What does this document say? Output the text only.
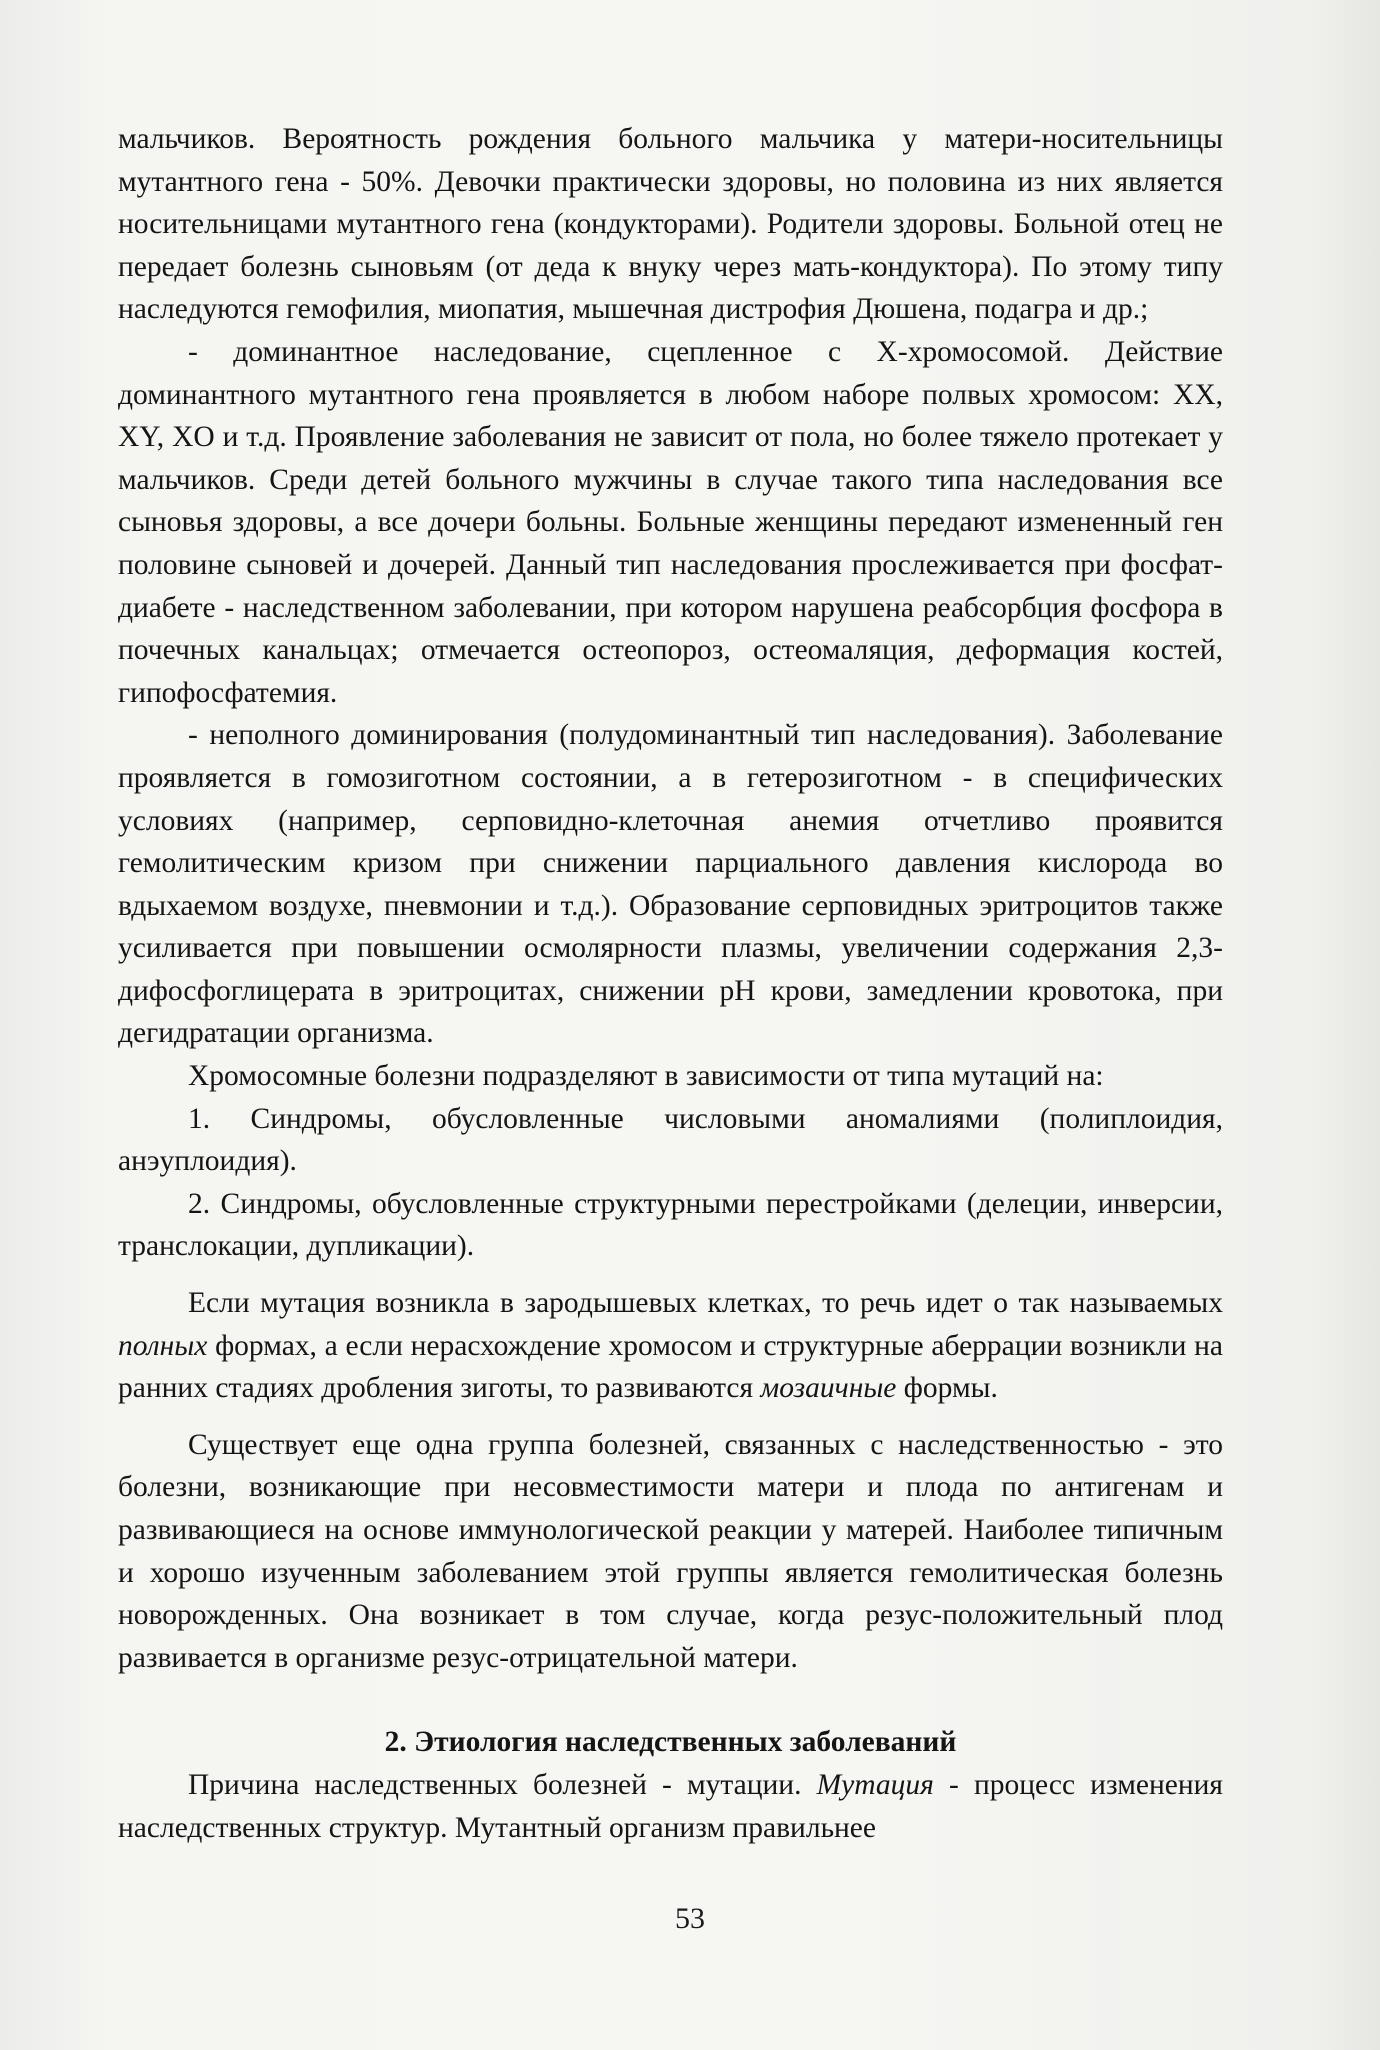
мальчиков. Вероятность рождения больного мальчика у матери-носительницы мутантного гена - 50%. Девочки практически здоровы, но половина из них является носительницами мутантного гена (кондукторами). Родители здоровы. Больной отец не передает болезнь сыновьям (от деда к внуку через мать-кондуктора). По этому типу наследуются гемофилия, миопатия, мышечная дистрофия Дюшена, подагра и др.;

- доминантное наследование, сцепленное с Х-хромосомой. Действие доминантного мутантного гена проявляется в любом наборе полвых хромосом: XX, XY, XO и т.д. Проявление заболевания не зависит от пола, но более тяжело протекает у мальчиков. Среди детей больного мужчины в случае такого типа наследования все сыновья здоровы, а все дочери больны. Больные женщины передают измененный ген половине сыновей и дочерей. Данный тип наследования прослеживается при фосфат-диабете - наследственном заболевании, при котором нарушена реабсорбция фосфора в почечных канальцах; отмечается остеопороз, остеомаляция, деформация костей, гипофосфатемия.

- неполного доминирования (полудоминантный тип наследования). Заболевание проявляется в гомозиготном состоянии, а в гетерозиготном - в специфических условиях (например, серповидно-клеточная анемия отчетливо проявится гемолитическим кризом при снижении парциального давления кислорода во вдыхаемом воздухе, пневмонии и т.д.). Образование серповидных эритроцитов также усиливается при повышении осмолярности плазмы, увеличении содержания 2,3-дифосфоглицерата в эритроцитах, снижении pH крови, замедлении кровотока, при дегидратации организма.

Хромосомные болезни подразделяют в зависимости от типа мутаций на:

1. Синдромы, обусловленные числовыми аномалиями (полиплоидия, анэуплоидия).

2. Синдромы, обусловленные структурными перестройками (делеции, инверсии, транслокации, дупликации).

Если мутация возникла в зародышевых клетках, то речь идет о так называемых полных формах, а если нерасхождение хромосом и структурные аберрации возникли на ранних стадиях дробления зиготы, то развиваются мозаичные формы.

Существует еще одна группа болезней, связанных с наследственностью - это болезни, возникающие при несовместимости матери и плода по антигенам и развивающиеся на основе иммунологической реакции у матерей. Наиболее типичным и хорошо изученным заболеванием этой группы является гемолитическая болезнь новорожденных. Она возникает в том случае, когда резус-положительный плод развивается в организме резус-отрицательной матери.

2. Этиология наследственных заболеваний

Причина наследственных болезней - мутации. Мутация - процесс изменения наследственных структур. Мутантный организм правильнее

53
